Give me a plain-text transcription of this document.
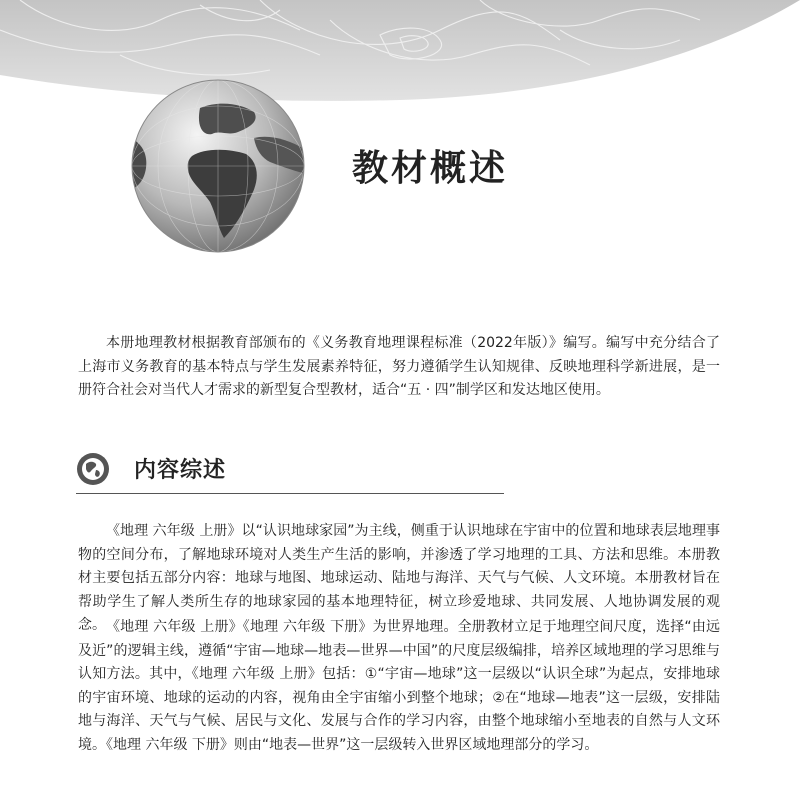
教材概述

本册地理教材根据教育部颁布的《义务教育地理课程标准（2022年版）》编写。编写中充分结合了上海市义务教育的基本特点与学生发展素养特征，努力遵循学生认知规律、反映地理科学新进展，是一册符合社会对当代人才需求的新型复合型教材，适合“五 · 四”制学区和发达地区使用。

内容综述

《地理 六年级 上册》以“认识地球家园”为主线，侧重于认识地球在宇宙中的位置和地球表层地理事物的空间分布，了解地球环境对人类生产生活的影响，并渗透了学习地理的工具、方法和思维。本册教材主要包括五部分内容：地球与地图、地球运动、陆地与海洋、天气与气候、人文环境。本册教材旨在帮助学生了解人类所生存的地球家园的基本地理特征，树立珍爱地球、共同发展、人地协调发展的观念。 《地理 六年级 上册》《地理 六年级 下册》为世界地理。全册教材立足于地理空间尺度，选择“由远及近”的逻辑主线，遵循“宇宙—地球—地表—世界—中国”的尺度层级编排，培养区域地理的学习思维与认知方法。其中，《地理 六年级 上册》包括：①“宇宙—地球”这一层级以“认识全球”为起点，安排地球的宇宙环境、地球的运动的内容，视角由全宇宙缩小到整个地球；②在“地球—地表”这一层级，安排陆地与海洋、天气与气候、居民与文化、发展与合作的学习内容，由整个地球缩小至地表的自然与人文环境。《地理 六年级 下册》则由“地表—世界”这一层级转入世界区域地理部分的学习。
